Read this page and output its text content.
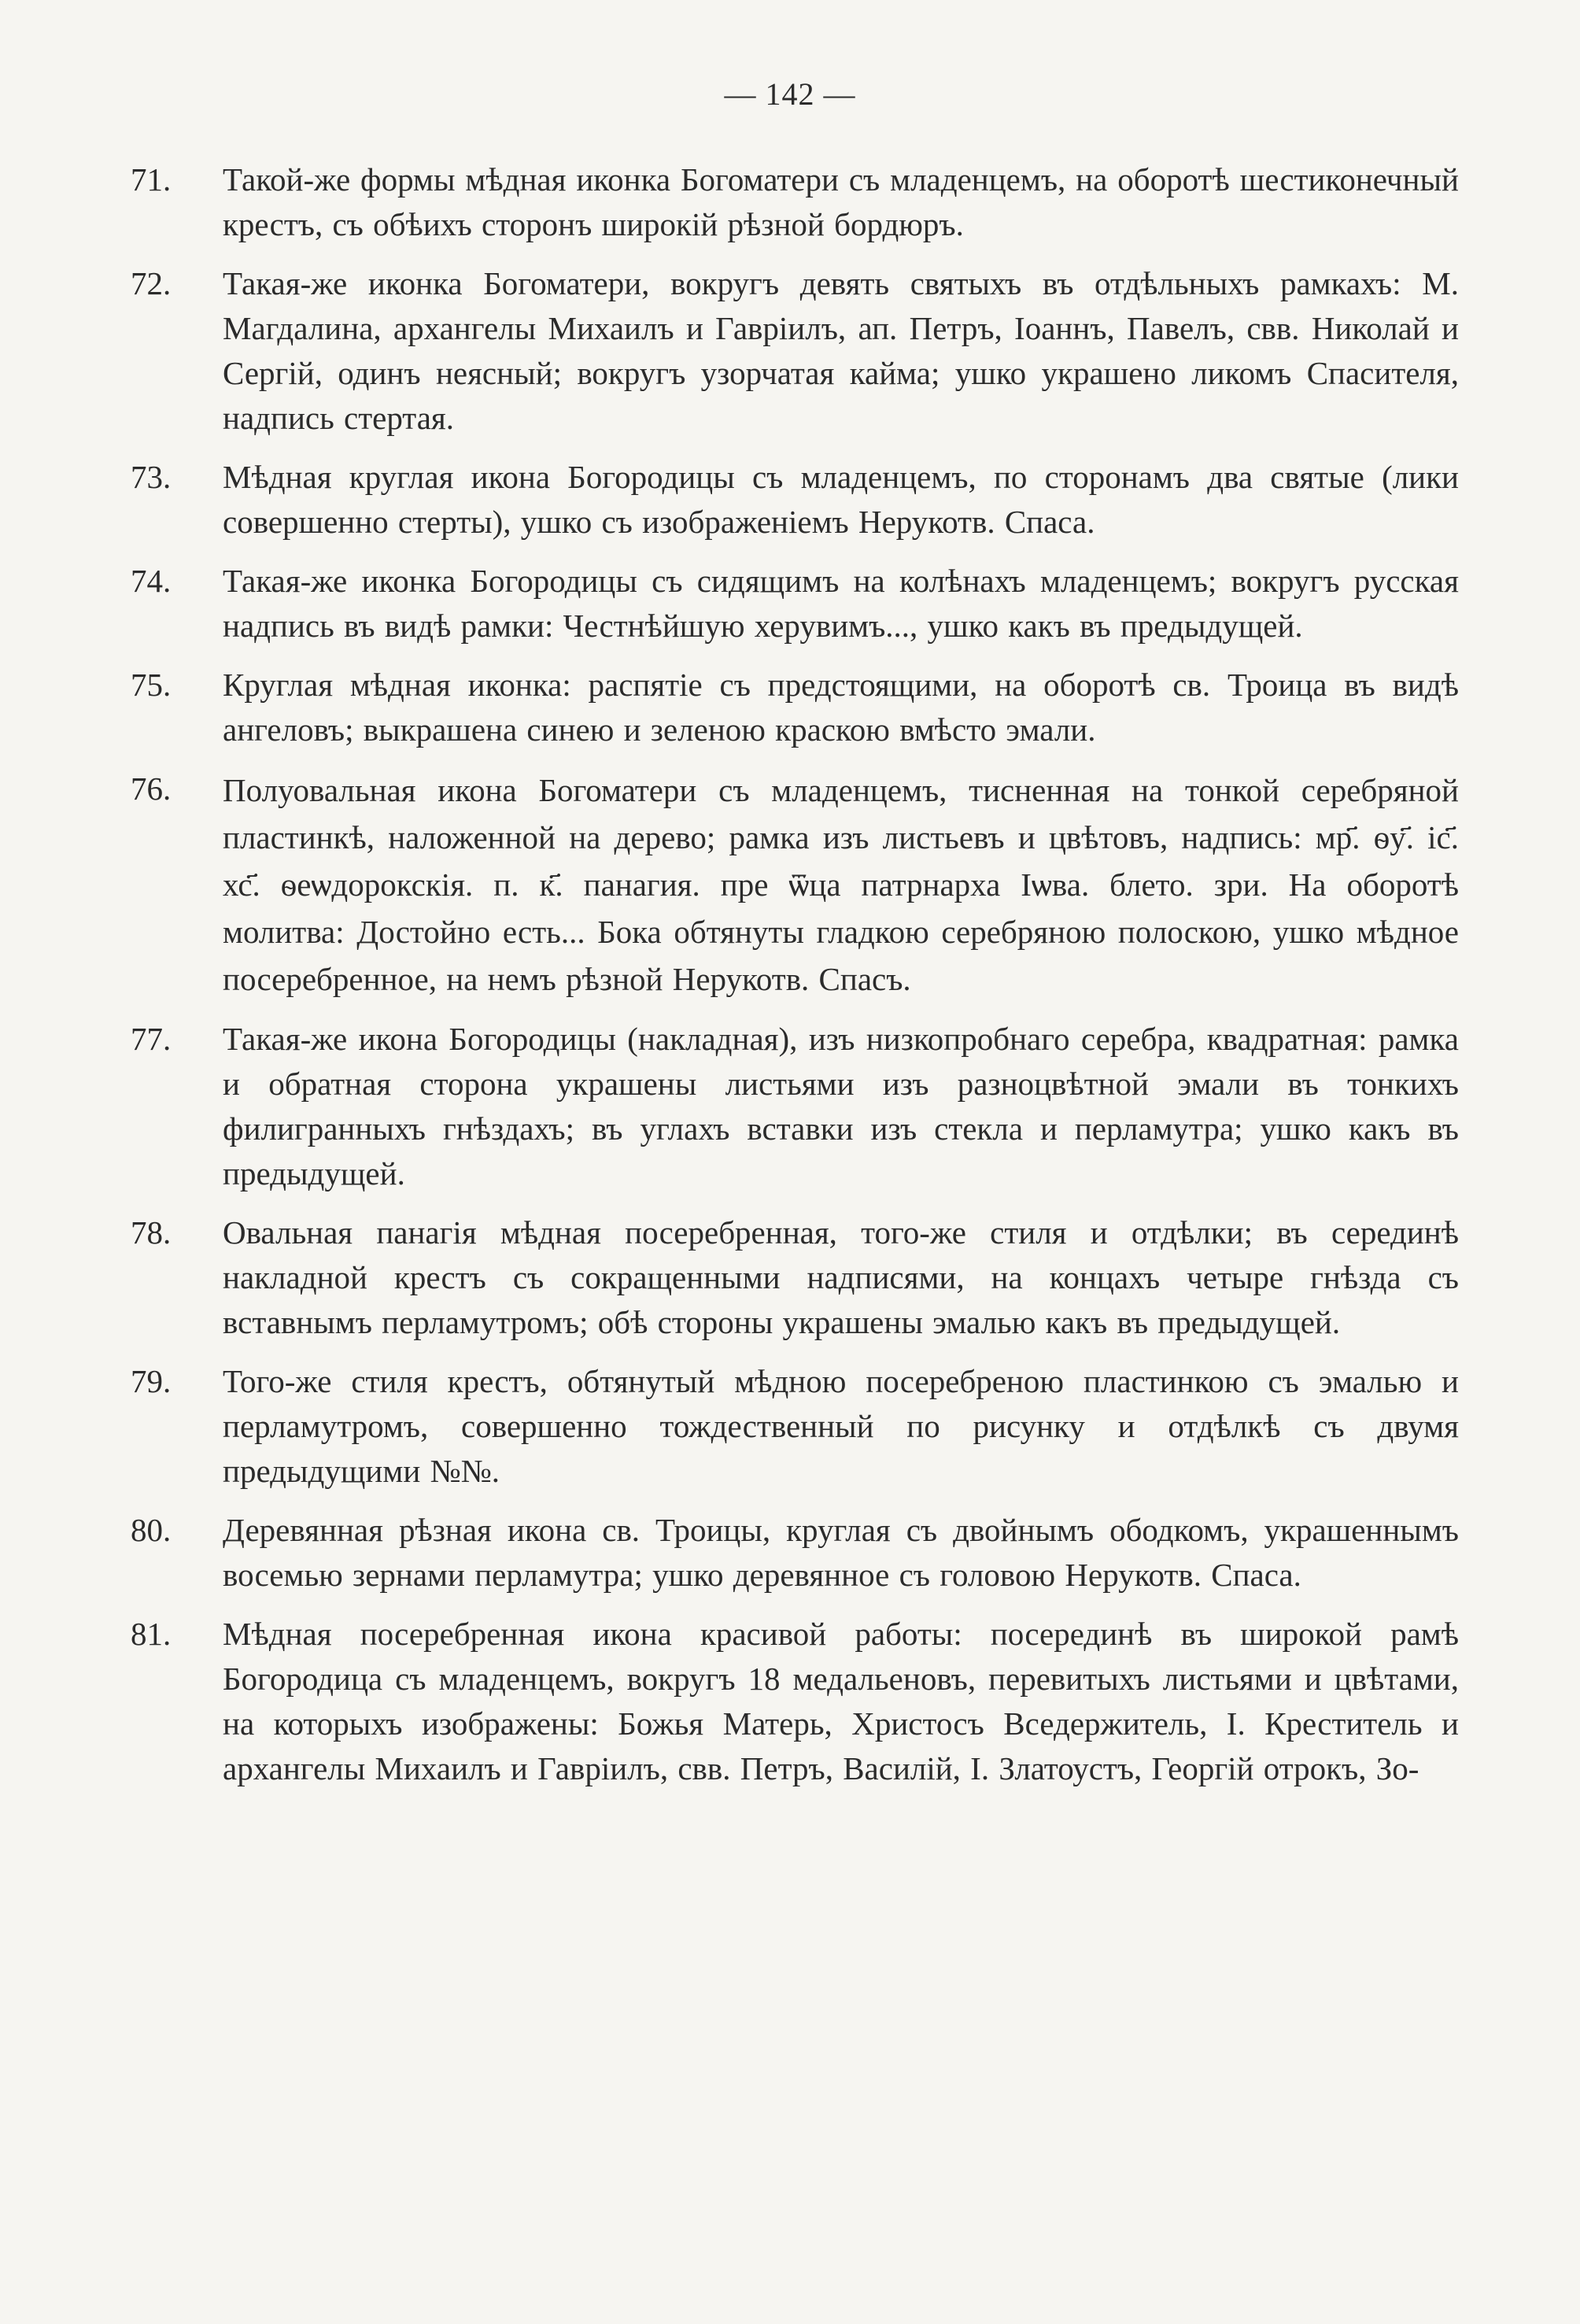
— 142 —
71. Такой-же формы мѣдная иконка Богоматери съ младенцемъ, на оборотѣ шестиконечный крестъ, съ обѣихъ сторонъ широкій рѣзной бордюръ.
72. Такая-же иконка Богоматери, вокругъ девять святыхъ въ отдѣльныхъ рамкахъ: М. Магдалина, архангелы Михаилъ и Гавріилъ, ап. Петръ, Іоаннъ, Павелъ, свв. Николай и Сергій, одинъ неясный; вокругъ узорчатая кайма; ушко украшено ликомъ Спасителя, надпись стертая.
73. Мѣдная круглая икона Богородицы съ младенцемъ, по сторонамъ два святые (лики совершенно стерты), ушко съ изображеніемъ Нерукотв. Спаса.
74. Такая-же иконка Богородицы съ сидящимъ на колѣнахъ младенцемъ; вокругъ русская надпись въ видѣ рамки: Честнѣйшую херувимъ..., ушко какъ въ предыдущей.
75. Круглая мѣдная иконка: распятіе съ предстоящими, на оборотѣ св. Троица въ видѣ ангеловъ; выкрашена синею и зеленою краскою вмѣсто эмали.
76. Полуовальная икона Богоматери съ младенцемъ, тисненная на тонкой серебряной пластинкѣ, наложенной на дерево; рамка изъ листьевъ и цвѣтовъ, надпись: мр҃. ѳу҃. іс҃. хс҃. ѳеѡдорокскія. п. к҃. панагия. пре ѿца патрнарха Іѡва. блето. зри. На оборотѣ молитва: Достойно есть... Бока обтянуты гладкою серебряною полоскою, ушко мѣдное посеребренное, на немъ рѣзной Нерукотв. Спасъ.
77. Такая-же икона Богородицы (накладная), изъ низкопробнаго серебра, квадратная: рамка и обратная сторона украшены листьями изъ разноцвѣтной эмали въ тонкихъ филигранныхъ гнѣздахъ; въ углахъ вставки изъ стекла и перламутра; ушко какъ въ предыдущей.
78. Овальная панагія мѣдная посеребренная, того-же стиля и отдѣлки; въ серединѣ накладной крестъ съ сокращенными надписями, на концахъ четыре гнѣзда съ вставнымъ перламутромъ; обѣ стороны украшены эмалью какъ въ предыдущей.
79. Того-же стиля крестъ, обтянутый мѣдною посеребреною пластинкою съ эмалью и перламутромъ, совершенно тождественный по рисунку и отдѣлкѣ съ двумя предыдущими №№.
80. Деревянная рѣзная икона св. Троицы, круглая съ двойнымъ ободкомъ, украшеннымъ восемью зернами перламутра; ушко деревянное съ головою Нерукотв. Спаса.
81. Мѣдная посеребренная икона красивой работы: посерединѣ въ широкой рамѣ Богородица съ младенцемъ, вокругъ 18 медальеновъ, перевитыхъ листьями и цвѣтами, на которыхъ изображены: Божья Матерь, Христосъ Вседержитель, І. Креститель и архангелы Михаилъ и Гавріилъ, свв. Петръ, Василій, І. Златоустъ, Георгій отрокъ, Зо-
